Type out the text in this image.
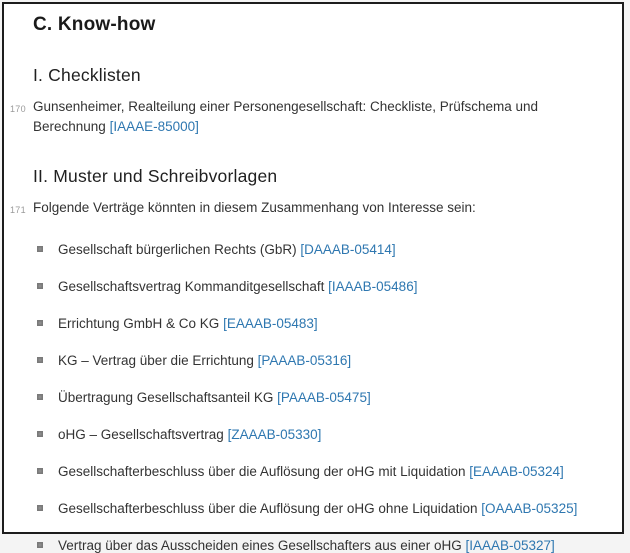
C. Know-how
I. Checklisten

170 Gunsenheimer, Realteilung einer Personengesellschaft: Checkliste, Prüfschema und Berechnung [IAAAE-85000]

II. Muster und Schreibvorlagen

171 Folgende Verträge könnten in diesem Zusammenhang von Interesse sein:

Gesellschaft bürgerlichen Rechts (GbR) [DAAAB-05414]
Gesellschaftsvertrag Kommanditgesellschaft [IAAAB-05486]
Errichtung GmbH & Co KG [EAAAB-05483]
KG – Vertrag über die Errichtung [PAAAB-05316]
Übertragung Gesellschaftsanteil KG [PAAAB-05475]
oHG – Gesellschaftsvertrag [ZAAAB-05330]
Gesellschafterbeschluss über die Auflösung der oHG mit Liquidation [EAAAB-05324]
Gesellschafterbeschluss über die Auflösung der oHG ohne Liquidation [OAAAB-05325]
Vertrag über das Ausscheiden eines Gesellschafters aus einer oHG [IAAAB-05327]
